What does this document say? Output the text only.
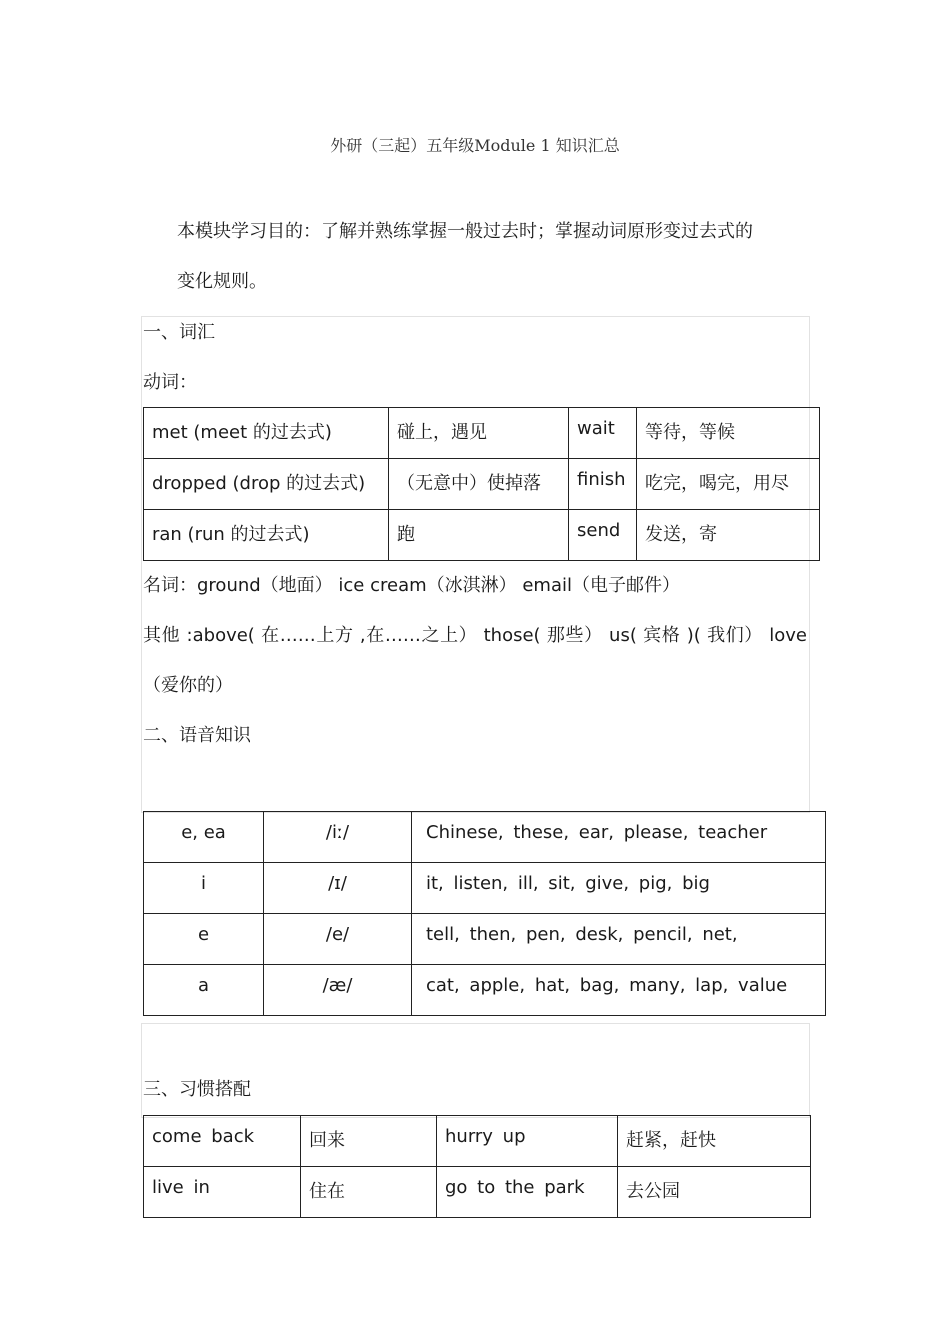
外研（三起）五年级Module 1 知识汇总
本模块学习目的：了解并熟练掌握一般过去时；掌握动词原形变过去式的
变化规则。
一、词汇
动词：
met (meet 的过去式)	碰上，遇见	wait	等待，等候
dropped (drop 的过去式)	（无意中）使掉落	finish	吃完，喝完，用尽
ran (run 的过去式)	跑	send	发送，寄
名词：ground（地面） ice cream（冰淇淋） email（电子邮件）
其他 :above( 在……上方 ,在……之上） those( 那些） us( 宾格 )( 我们） love
（爱你的）
二、语音知识
e, ea	/iː/	Chinese, these, ear, please, teacher
i	/ɪ/	it, listen, ill, sit, give, pig, big
e	/e/	tell, then, pen, desk, pencil, net,
a	/æ/	cat, apple, hat, bag, many, lap, value
三、习惯搭配
come back	回来	hurry up	赶紧，赶快
live in	住在	go to the park	去公园
